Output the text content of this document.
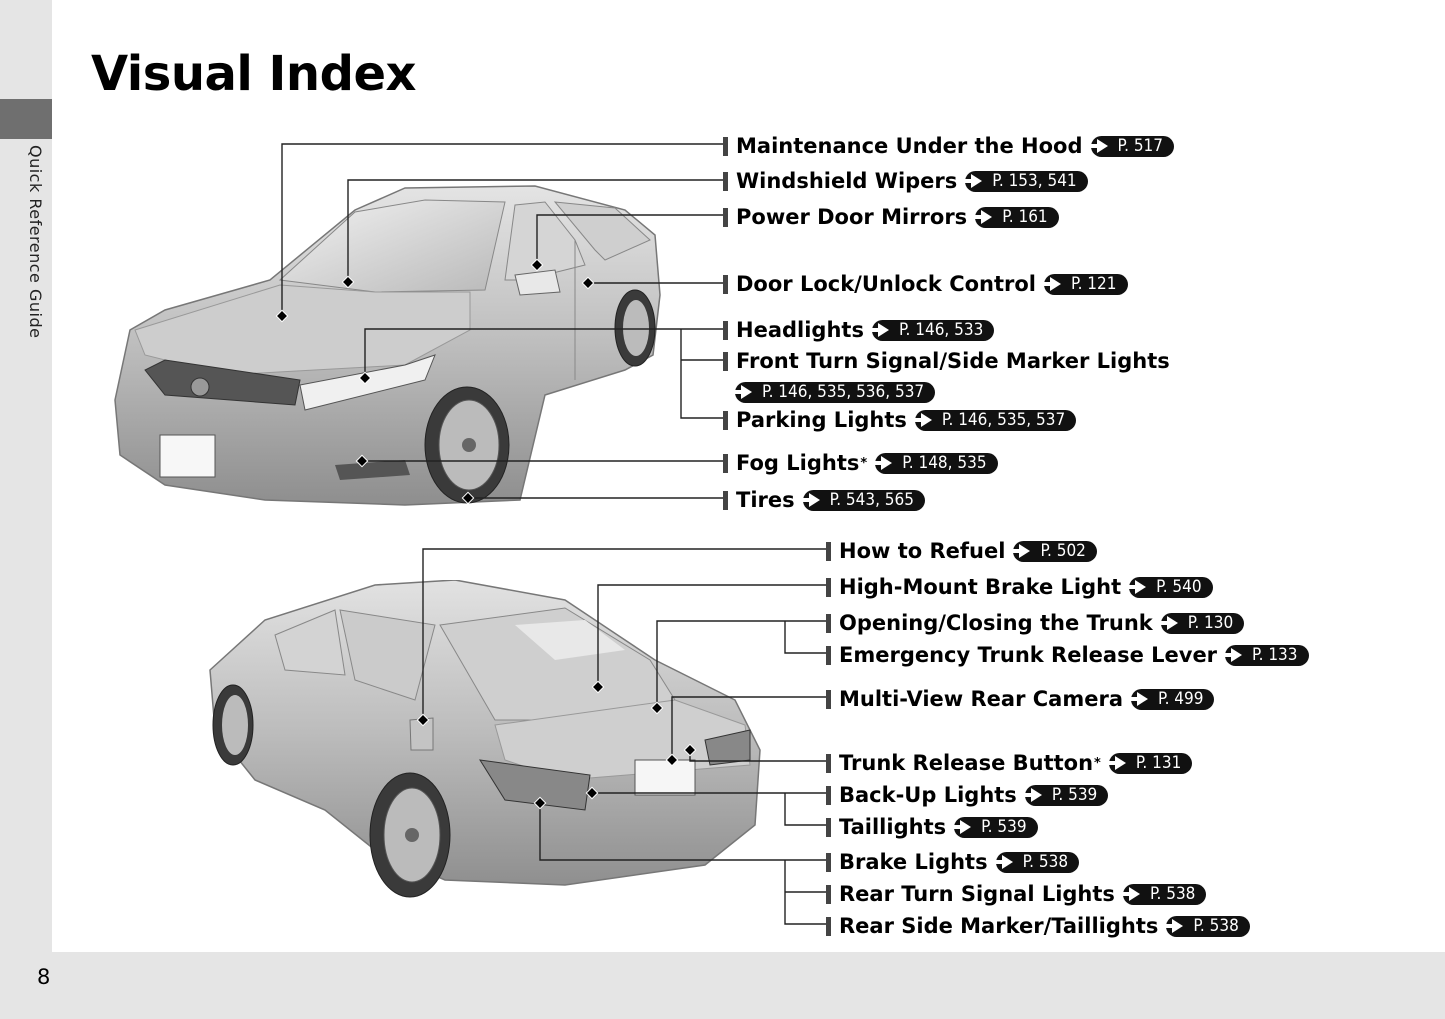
Quick Reference Guide
8
Visual Index
Maintenance Under the Hood P. 517
Windshield Wipers P. 153, 541
Power Door Mirrors P. 161
Door Lock/Unlock Control P. 121
Headlights P. 146, 533
Front Turn Signal/Side Marker Lights
P. 146, 535, 536, 537
Parking Lights P. 146, 535, 537
Fog Lights * P. 148, 535
Tires P. 543, 565
How to Refuel P. 502
High-Mount Brake Light P. 540
Opening/Closing the Trunk P. 130
Emergency Trunk Release Lever P. 133
Multi-View Rear Camera P. 499
Trunk Release Button * P. 131
Back-Up Lights P. 539
Taillights P. 539
Brake Lights P. 538
Rear Turn Signal Lights P. 538
Rear Side Marker/Taillights P. 538
